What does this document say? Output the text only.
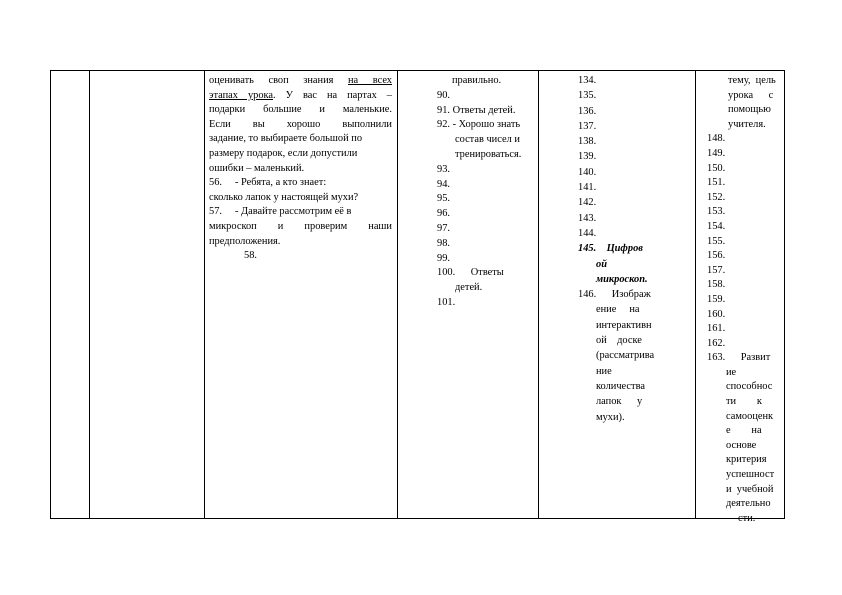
оценивать своп знания на всех
этапах урока. У вас на партах –
подарки большие и маленькие.
Если вы хорошо выполнили
задание, то выбираете большой по
размеру подарок, если допустили
ошибки – маленький.
56.     - Ребята, а кто знает:
сколько лапок у настоящей мухи?
57.     - Давайте рассмотрим её в
микроскоп и проверим наши
предположения.
58.
правильно.
90.
91. Ответы детей.
92. - Хорошо знать
состав чисел и
тренироваться.
93.
94.
95.
96.
97.
98.
99.
100.      Ответы
детей.
101.
134.
135.
136.
137.
138.
139.
140.
141.
142.
143.
144.
145.    Цифров
ой
микроскоп.
146.      Изображ
ение     на
интерактивн
ой    доске
(рассматрива
ние
количества
лапок      у
мухи).
тему,  цель
урока      с
помощью
учителя.
148.
149.
150.
151.
152.
153.
154.
155.
156.
157.
158.
159.
160.
161.
162.
163.      Развит
ие
способнос
ти        к
самооценк
е        на
основе
критерия
успешност
и  учебной
деятельно
сти.
